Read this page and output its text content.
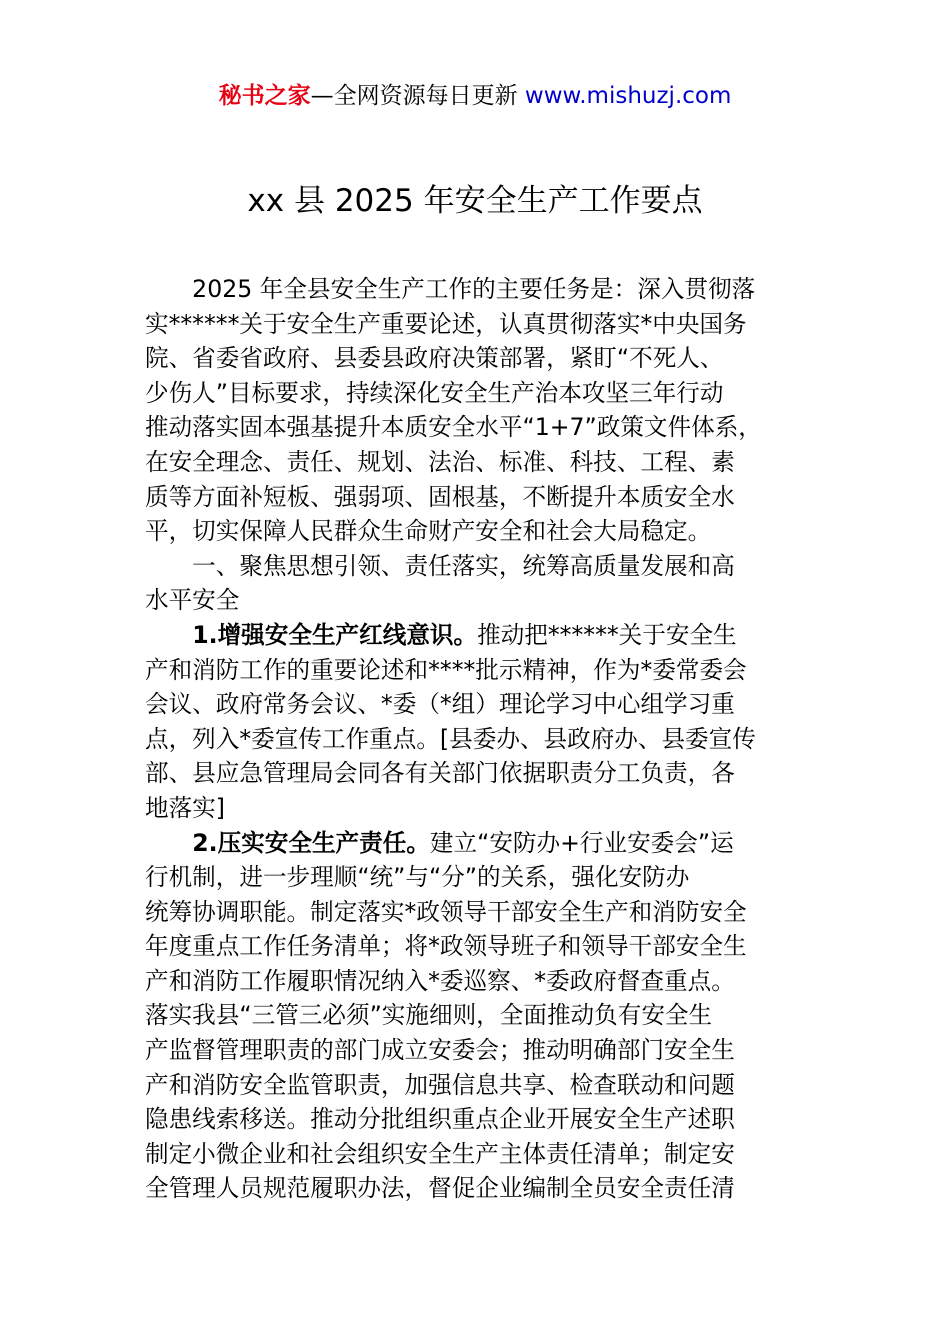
秘书之家—全网资源每日更新 www.mishuzj.com
xx 县 2025 年安全生产工作要点
　　2025 年全县安全生产工作的主要任务是：深入贯彻落
实******关于安全生产重要论述，认真贯彻落实*中央国务
院、省委省政府、县委县政府决策部署，紧盯“不死人、
少伤人”目标要求，持续深化安全生产治本攻坚三年行动
推动落实固本强基提升本质安全水平“1+7”政策文件体系，
在安全理念、责任、规划、法治、标准、科技、工程、素
质等方面补短板、强弱项、固根基，不断提升本质安全水
平，切实保障人民群众生命财产安全和社会大局稳定。
　　一、聚焦思想引领、责任落实，统筹高质量发展和高
水平安全
　　1.增强安全生产红线意识。推动把******关于安全生
产和消防工作的重要论述和****批示精神，作为*委常委会
会议、政府常务会议、*委（*组）理论学习中心组学习重
点，列入*委宣传工作重点。[县委办、县政府办、县委宣传
部、县应急管理局会同各有关部门依据职责分工负责，各
地落实]
　　2.压实安全生产责任。建立“安防办+行业安委会”运
行机制，进一步理顺“统”与“分”的关系，强化安防办
统筹协调职能。制定落实*政领导干部安全生产和消防安全
年度重点工作任务清单；将*政领导班子和领导干部安全生
产和消防工作履职情况纳入*委巡察、*委政府督查重点。
落实我县“三管三必须”实施细则，全面推动负有安全生
产监督管理职责的部门成立安委会；推动明确部门安全生
产和消防安全监管职责，加强信息共享、检查联动和问题
隐患线索移送。推动分批组织重点企业开展安全生产述职
制定小微企业和社会组织安全生产主体责任清单；制定安
全管理人员规范履职办法，督促企业编制全员安全责任清
